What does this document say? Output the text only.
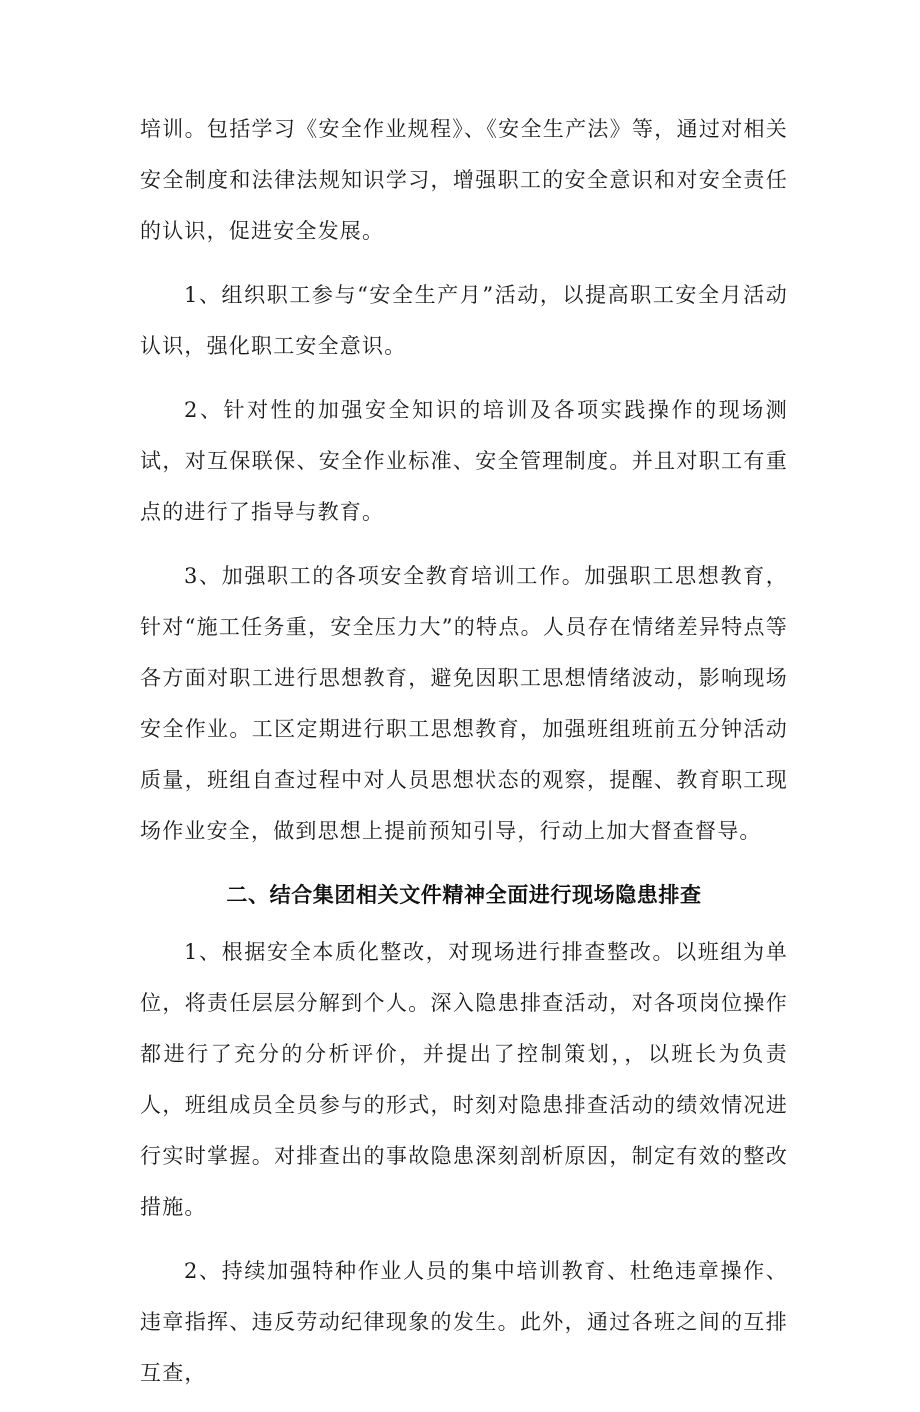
培训。包括学习《安全作业规程》、《安全生产法》等，通过对相关安全制度和法律法规知识学习，增强职工的安全意识和对安全责任的认识，促进安全发展。

1、组织职工参与“安全生产月”活动，以提高职工安全月活动认识，强化职工安全意识。

2、针对性的加强安全知识的培训及各项实践操作的现场测试，对互保联保、安全作业标准、安全管理制度。并且对职工有重点的进行了指导与教育。

3、加强职工的各项安全教育培训工作。加强职工思想教育，针对“施工任务重，安全压力大”的特点。人员存在情绪差异特点等各方面对职工进行思想教育，避免因职工思想情绪波动，影响现场安全作业。工区定期进行职工思想教育，加强班组班前五分钟活动质量，班组自查过程中对人员思想状态的观察，提醒、教育职工现场作业安全，做到思想上提前预知引导，行动上加大督查督导。

二、结合集团相关文件精神全面进行现场隐患排查

1、根据安全本质化整改，对现场进行排查整改。以班组为单位，将责任层层分解到个人。深入隐患排查活动，对各项岗位操作都进行了充分的分析评价，并提出了控制策划，，以班长为负责人，班组成员全员参与的形式，时刻对隐患排查活动的绩效情况进行实时掌握。对排查出的事故隐患深刻剖析原因，制定有效的整改措施。

2、持续加强特种作业人员的集中培训教育、杜绝违章操作、违章指挥、违反劳动纪律现象的发生。此外，通过各班之间的互排互查，
